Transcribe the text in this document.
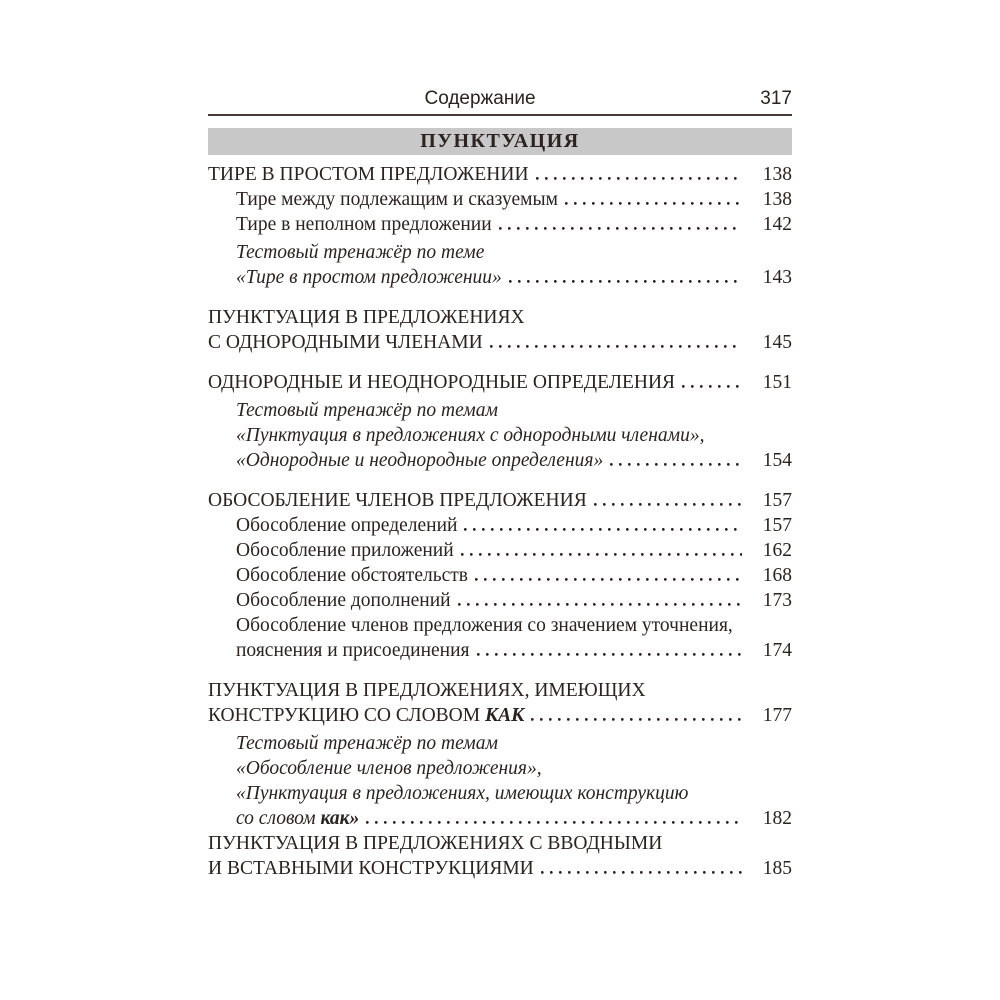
Содержание	317
ПУНКТУАЦИЯ
ТИРЕ В ПРОСТОМ ПРЕДЛОЖЕНИИ	138
Тире между подлежащим и сказуемым	138
Тире в неполном предложении	142
Тестовый тренажёр по теме
«Тире в простом предложении»	143
ПУНКТУАЦИЯ В ПРЕДЛОЖЕНИЯХ
С ОДНОРОДНЫМИ ЧЛЕНАМИ	145
ОДНОРОДНЫЕ И НЕОДНОРОДНЫЕ ОПРЕДЕЛЕНИЯ	151
Тестовый тренажёр по темам
«Пунктуация в предложениях с однородными членами»,
«Однородные и неоднородные определения»	154
ОБОСОБЛЕНИЕ ЧЛЕНОВ ПРЕДЛОЖЕНИЯ	157
Обособление определений	157
Обособление приложений	162
Обособление обстоятельств	168
Обособление дополнений	173
Обособление членов предложения со значением уточнения,
пояснения и присоединения	174
ПУНКТУАЦИЯ В ПРЕДЛОЖЕНИЯХ, ИМЕЮЩИХ
КОНСТРУКЦИЮ СО СЛОВОМ КАК	177
Тестовый тренажёр по темам
«Обособление членов предложения»,
«Пунктуация в предложениях, имеющих конструкцию
со словом как»	182
ПУНКТУАЦИЯ В ПРЕДЛОЖЕНИЯХ С ВВОДНЫМИ
И ВСТАВНЫМИ КОНСТРУКЦИЯМИ	185
